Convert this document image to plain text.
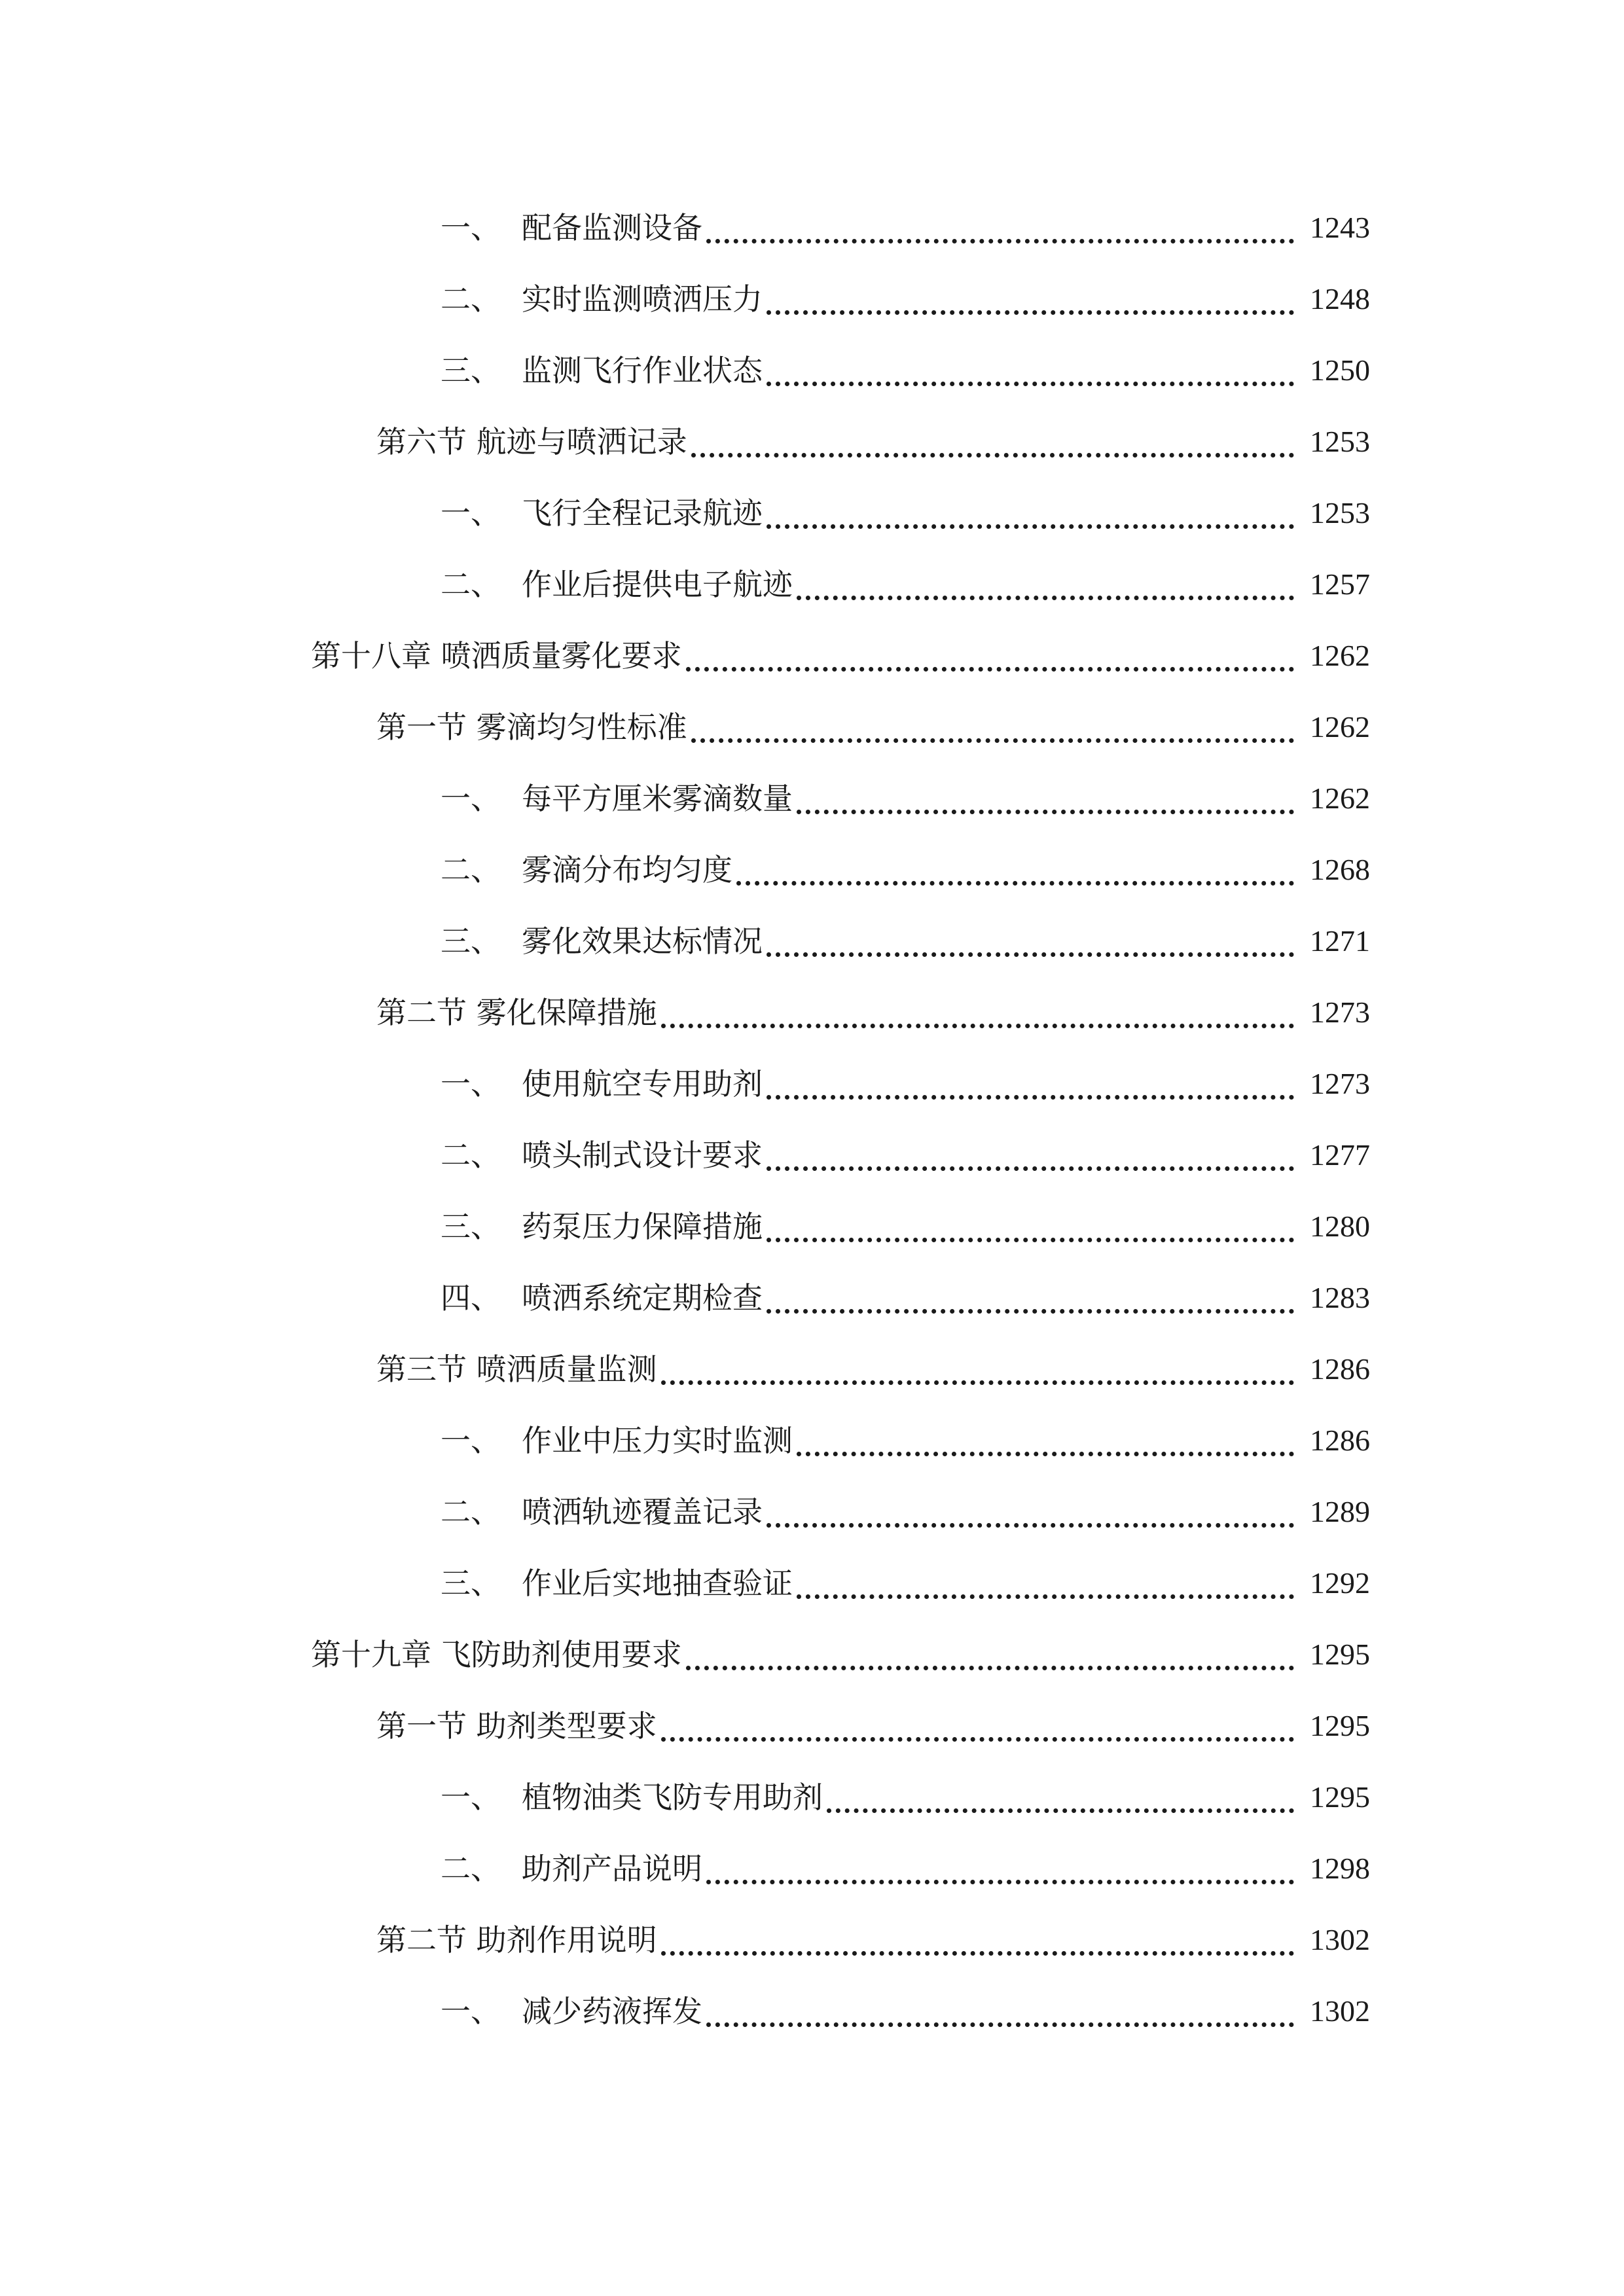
一、 配备监测设备	1243
二、 实时监测喷洒压力	1248
三、 监测飞行作业状态	1250
第六节 航迹与喷洒记录	1253
一、 飞行全程记录航迹	1253
二、 作业后提供电子航迹	1257
第十八章 喷洒质量雾化要求	1262
第一节 雾滴均匀性标准	1262
一、 每平方厘米雾滴数量	1262
二、 雾滴分布均匀度	1268
三、 雾化效果达标情况	1271
第二节 雾化保障措施	1273
一、 使用航空专用助剂	1273
二、 喷头制式设计要求	1277
三、 药泵压力保障措施	1280
四、 喷洒系统定期检查	1283
第三节 喷洒质量监测	1286
一、 作业中压力实时监测	1286
二、 喷洒轨迹覆盖记录	1289
三、 作业后实地抽查验证	1292
第十九章 飞防助剂使用要求	1295
第一节 助剂类型要求	1295
一、 植物油类飞防专用助剂	1295
二、 助剂产品说明	1298
第二节 助剂作用说明	1302
一、 减少药液挥发	1302
